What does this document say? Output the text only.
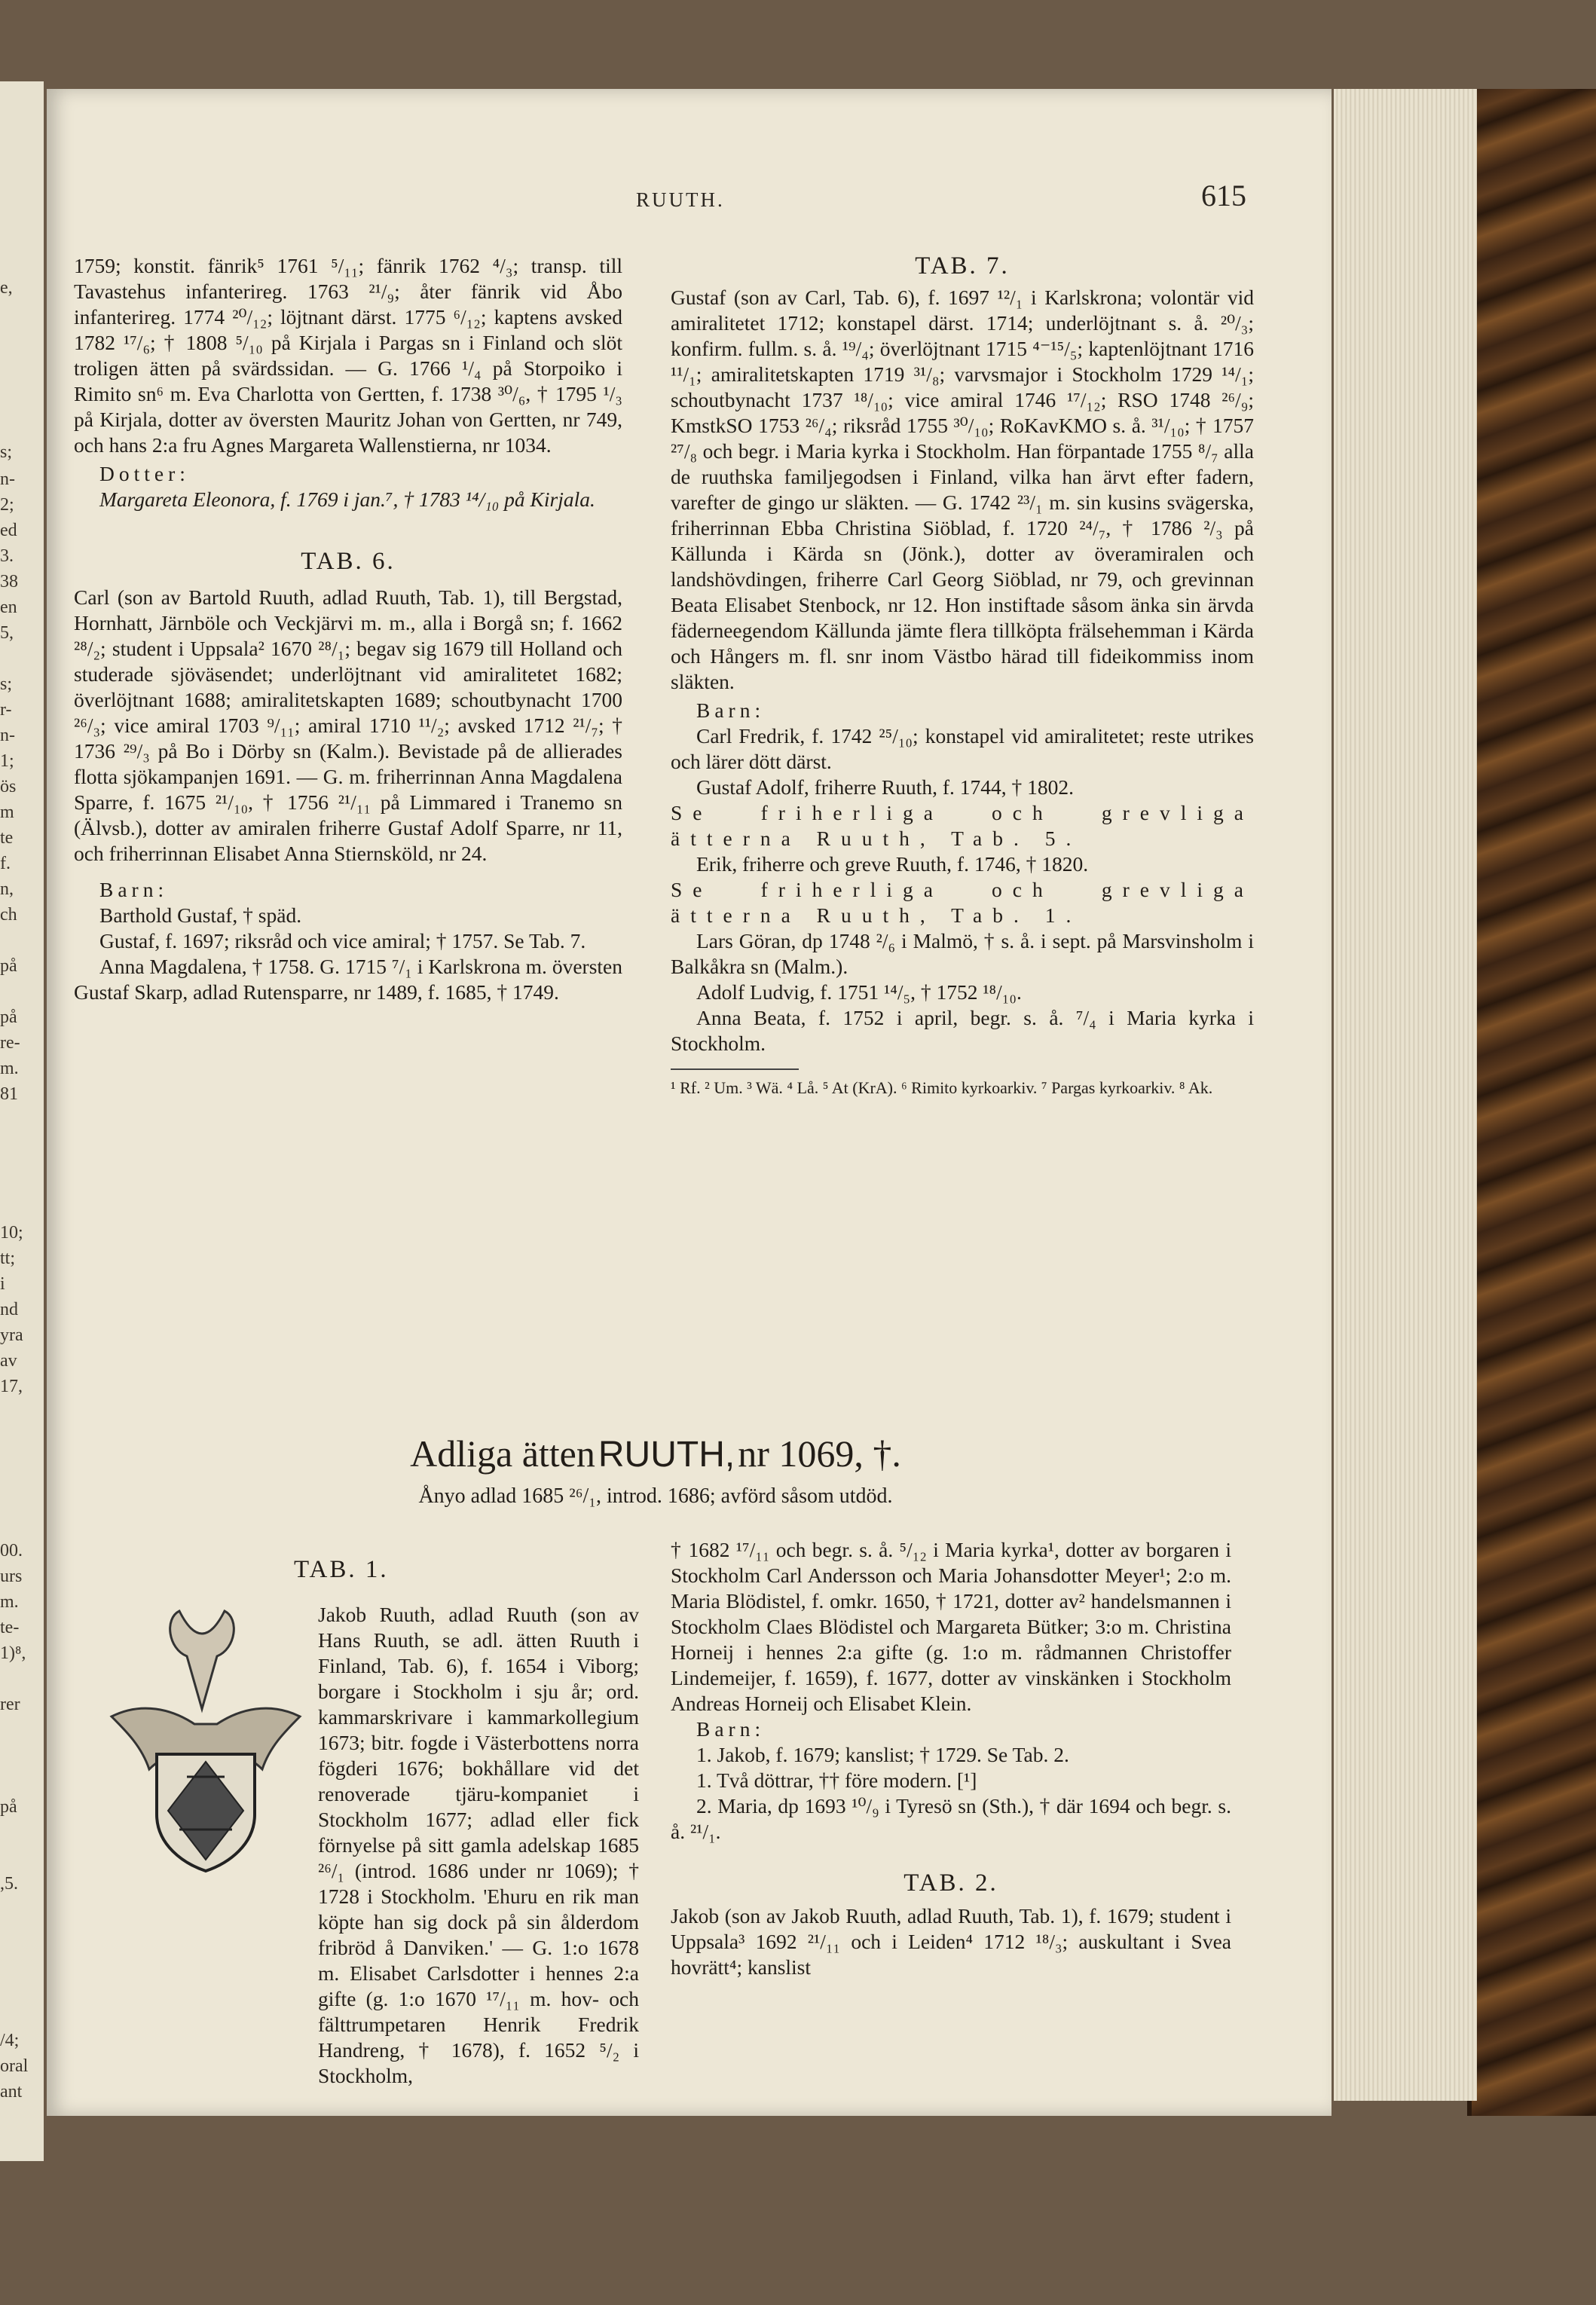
e,
s;
n-
2;
ed
3.
38
en
5,
s;
r-
n-
1;
ös
m
te
f.
n,
ch
på
på
re-
m.
81
10;
tt;
i
nd
yra
av
17,
00.
urs
m.
te-
1)⁸,
rer
på
,5.
/4;
oral
ant
RUUTH.	615

1759; konstit. fänrik⁵ 1761 ⁵/₁₁; fänrik 1762 ⁴/₃; transp. till Tavastehus infanterireg. 1763 ²¹/₉; åter fänrik vid Åbo infanterireg. 1774 ²⁰/₁₂; löjtnant därst. 1775 ⁶/₁₂; kaptens avsked 1782 ¹⁷/₆; † 1808 ⁵/₁₀ på Kirjala i Pargas sn i Finland och slöt troligen ätten på svärdssidan. — G. 1766 ¹/₄ på Storpoiko i Rimito sn⁶ m. Eva Charlotta von Gertten, f. 1738 ³⁰/₆, † 1795 ¹/₃ på Kirjala, dotter av översten Mauritz Johan von Gertten, nr 749, och hans 2:a fru Agnes Margareta Wallenstierna, nr 1034.

Dotter:

Margareta Eleonora, f. 1769 i jan.⁷, † 1783 ¹⁴/₁₀ på Kirjala.

TAB. 6.

Carl (son av Bartold Ruuth, adlad Ruuth, Tab. 1), till Bergstad, Hornhatt, Järnböle och Veckjärvi m. m., alla i Borgå sn; f. 1662 ²⁸/₂; student i Uppsala² 1670 ²⁸/₁; begav sig 1679 till Holland och studerade sjöväsendet; underlöjtnant vid amiralitetet 1682; överlöjtnant 1688; amiralitetskapten 1689; schoutbynacht 1700 ²⁶/₃; vice amiral 1703 ⁹/₁₁; amiral 1710 ¹¹/₂; avsked 1712 ²¹/₇; † 1736 ²⁹/₃ på Bo i Dörby sn (Kalm.). Bevistade på de allierades flotta sjökampanjen 1691. — G. m. friherrinnan Anna Magdalena Sparre, f. 1675 ²¹/₁₀, † 1756 ²¹/₁₁ på Limmared i Tranemo sn (Älvsb.), dotter av amiralen friherre Gustaf Adolf Sparre, nr 11, och friherrinnan Elisabet Anna Stiernsköld, nr 24.

Barn:

Barthold Gustaf, † späd.

Gustaf, f. 1697; riksråd och vice amiral; † 1757. Se Tab. 7.

Anna Magdalena, † 1758. G. 1715 ⁷/₁ i Karlskrona m. översten Gustaf Skarp, adlad Rutensparre, nr 1489, f. 1685, † 1749.

TAB. 7.

Gustaf (son av Carl, Tab. 6), f. 1697 ¹²/₁ i Karlskrona; volontär vid amiralitetet 1712; konstapel därst. 1714; underlöjtnant s. å. ²⁰/₃; konfirm. fullm. s. å. ¹⁹/₄; överlöjtnant 1715 ⁴⁻¹⁵/₅; kaptenlöjtnant 1716 ¹¹/₁; amiralitetskapten 1719 ³¹/₈; varvsmajor i Stockholm 1729 ¹⁴/₁; schoutbynacht 1737 ¹⁸/₁₀; vice amiral 1746 ¹⁷/₁₂; RSO 1748 ²⁶/₉; KmstkSO 1753 ²⁶/₄; riksråd 1755 ³⁰/₁₀; RoKavKMO s. å. ³¹/₁₀; † 1757 ²⁷/₈ och begr. i Maria kyrka i Stockholm. Han förpantade 1755 ⁸/₇ alla de ruuthska familjegodsen i Finland, vilka han ärvt efter fadern, varefter de gingo ur släkten. — G. 1742 ²³/₁ m. sin kusins svägerska, friherrinnan Ebba Christina Siöblad, f. 1720 ²⁴/₇, † 1786 ²/₃ på Källunda i Kärda sn (Jönk.), dotter av överamiralen och landshövdingen, friherre Carl Georg Siöblad, nr 79, och grevinnan Beata Elisabet Stenbock, nr 12. Hon instiftade såsom änka sin ärvda fäderneegendom Källunda jämte flera tillköpta frälsehemman i Kärda och Hångers m. fl. snr inom Västbo härad till fideikommiss inom släkten.

Barn:

Carl Fredrik, f. 1742 ²⁵/₁₀; konstapel vid amiralitetet; reste utrikes och lärer dött därst.

Gustaf Adolf, friherre Ruuth, f. 1744, † 1802.

Se friherliga och grevliga ätterna Ruuth, Tab. 5.

Erik, friherre och greve Ruuth, f. 1746, † 1820.

Se friherliga och grevliga ätterna Ruuth, Tab. 1.

Lars Göran, dp 1748 ²/₆ i Malmö, † s. å. i sept. på Marsvinsholm i Balkåkra sn (Malm.).

Adolf Ludvig, f. 1751 ¹⁴/₅, † 1752 ¹⁸/₁₀.

Anna Beata, f. 1752 i april, begr. s. å. ⁷/₄ i Maria kyrka i Stockholm.

¹ Rf. ² Um. ³ Wä. ⁴ Lå. ⁵ At (KrA). ⁶ Rimito kyrkoarkiv. ⁷ Pargas kyrkoarkiv. ⁸ Ak.

Adliga ätten RUUTH, nr 1069, †.
Ånyo adlad 1685 ²⁶/₁, introd. 1686; avförd såsom utdöd.

TAB. 1.

Jakob Ruuth, adlad Ruuth (son av Hans Ruuth, se adl. ätten Ruuth i Finland, Tab. 6), f. 1654 i Viborg; borgare i Stockholm i sju år; ord. kammarskrivare i kammarkollegium 1673; bitr. fogde i Västerbottens norra fögderi 1676; bokhållare vid det renoverade tjäru-kompaniet i Stockholm 1677; adlad eller fick förnyelse på sitt gamla adelskap 1685 ²⁶/₁ (introd. 1686 under nr 1069); † 1728 i Stockholm. 'Ehuru en rik man köpte han sig dock på sin ålderdom fribröd å Danviken.' — G. 1:o 1678 m. Elisabet Carlsdotter i hennes 2:a gifte (g. 1:o 1670 ¹⁷/₁₁ m. hov- och fälttrumpetaren Henrik Fredrik Handreng, † 1678), f. 1652 ⁵/₂ i Stockholm,

† 1682 ¹⁷/₁₁ och begr. s. å. ⁵/₁₂ i Maria kyrka¹, dotter av borgaren i Stockholm Carl Andersson och Maria Johansdotter Meyer¹; 2:o m. Maria Blödistel, f. omkr. 1650, † 1721, dotter av² handelsmannen i Stockholm Claes Blödistel och Margareta Bütker; 3:o m. Christina Horneij i hennes 2:a gifte (g. 1:o m. rådmannen Christoffer Lindemeijer, f. 1659), f. 1677, dotter av vinskänken i Stockholm Andreas Horneij och Elisabet Klein.

Barn:

1. Jakob, f. 1679; kanslist; † 1729. Se Tab. 2.

1. Två döttrar, †† före modern. [¹]

2. Maria, dp 1693 ¹⁰/₉ i Tyresö sn (Sth.), † där 1694 och begr. s. å. ²¹/₁.

TAB. 2.

Jakob (son av Jakob Ruuth, adlad Ruuth, Tab. 1), f. 1679; student i Uppsala³ 1692 ²¹/₁₁ och i Leiden⁴ 1712 ¹⁸/₃; auskultant i Svea hovrätt⁴; kanslist
